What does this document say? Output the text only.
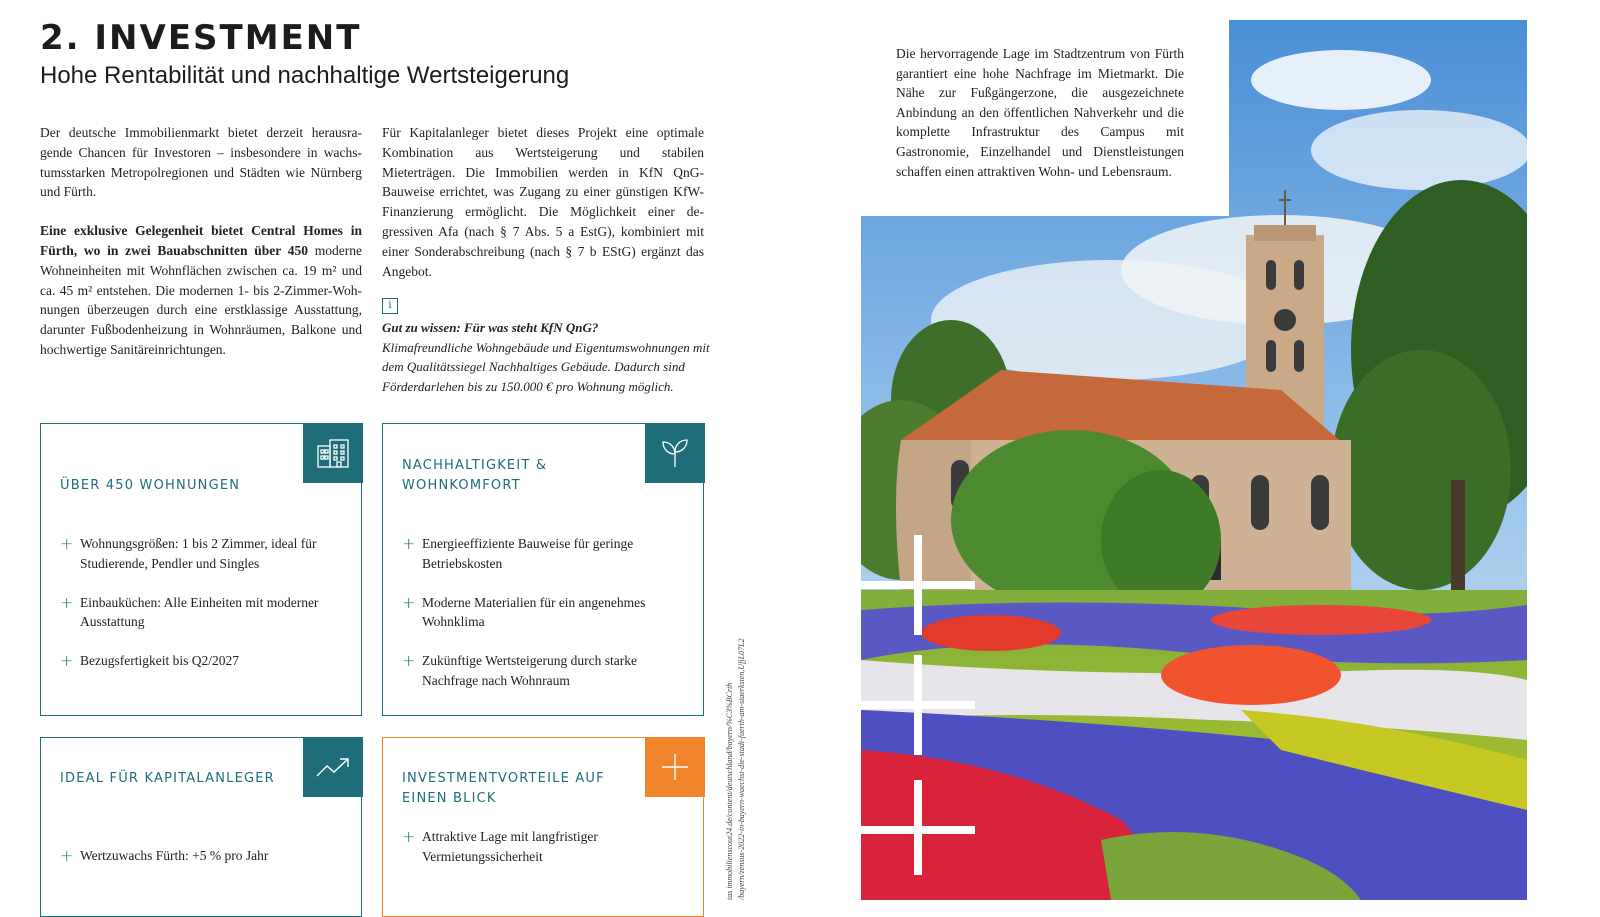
2. INVESTMENT
Hohe Rentabilität und nachhaltige Wertsteigerung

Der deutsche Immobilienmarkt bietet derzeit herausragende Chancen für Investoren – insbesondere in wachstumsstarken Metropolregionen und Städten wie Nürnberg und Fürth.

Eine exklusive Gelegenheit bietet Central Homes in Fürth, wo in zwei Bauabschnitten über 450 moderne Wohneinheiten mit Wohnflächen zwischen ca. 19 m² und ca. 45 m² entstehen. Die modernen 1- bis 2-Zimmer-Wohnungen überzeugen durch eine erstklassige Ausstattung, darunter Fußbodenheizung in Wohnräumen, Balkone und hochwertige Sanitäreinrichtungen.

Für Kapitalanleger bietet dieses Projekt eine optimale Kombination aus Wertsteigerung und stabilen Mieterträgen. Die Immobilien werden in KfN QnG-Bauweise errichtet, was Zugang zu einer günstigen KfW-Finanzierung ermöglicht. Die Möglichkeit einer degressiven Afa (nach § 7 Abs. 5 a EstG), kombiniert mit einer Sonderabschreibung (nach § 7 b EStG) ergänzt das Angebot.

i
Gut zu wissen: Für was steht KfN QnG?
Klimafreundliche Wohngebäude und Eigentumswohnungen mit dem Qualitätssiegel Nachhaltiges Gebäude. Dadurch sind Förderdarlehen bis zu 150.000 € pro Wohnung möglich.
ÜBER 450 WOHNUNGEN
+ Wohnungsgrößen: 1 bis 2 Zimmer, ideal für Studierende, Pendler und Singles
+ Einbauküchen: Alle Einheiten mit moderner Ausstattung
+ Bezugsfertigkeit bis Q2/2027
NACHHALTIGKEIT & WOHNKOMFORT
+ Energieeffiziente Bauweise für geringe Betriebskosten
+ Moderne Materialien für ein angenehmes Wohnklima
+ Zukünftige Wertsteigerung durch starke Nachfrage nach Wohnraum
IDEAL FÜR KAPITALANLEGER
+ Wertzuwachs Fürth: +5 % pro Jahr
INVESTMENTVORTEILE AUF EINEN BLICK
+ Attraktive Lage mit langfristiger Vermietungssicherheit	tas immobilienscout24.de/content/deutschland/bayern/%C3%BCrth /bayern/zensus-2022-in-bayern-waechst-die-stadt-fuerth-am-staerksten,UfjL07L2
Die hervorragende Lage im Stadtzentrum von Fürth garantiert eine hohe Nachfrage im Mietmarkt. Die Nähe zur Fußgängerzone, die ausgezeichnete Anbindung an den öffentlichen Nahverkehr und die komplette Infrastruktur des Campus mit Gastronomie, Einzelhandel und Dienstleistungen schaffen einen attraktiven Wohn- und Lebensraum.
